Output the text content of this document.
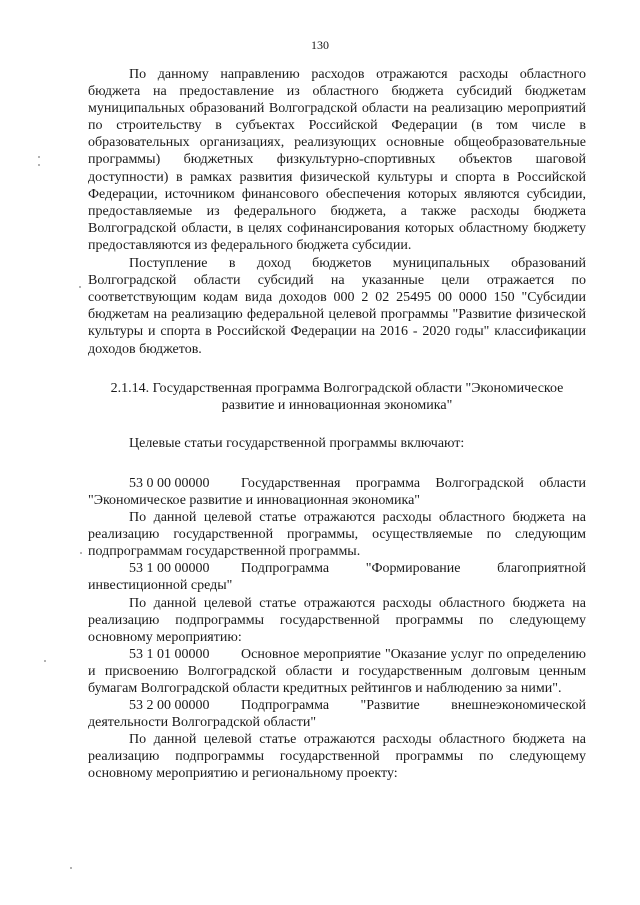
130

По данному направлению расходов отражаются расходы областного бюджета на предоставление из областного бюджета субсидий бюджетам муниципальных образований Волгоградской области на реализацию мероприятий по строительству в субъектах Российской Федерации (в том числе в образовательных организациях, реализующих основные общеобразовательные программы) бюджетных физкультурно-спортивных объектов шаговой доступности) в рамках развития физической культуры и спорта в Российской Федерации, источником финансового обеспечения которых являются субсидии, предоставляемые из федерального бюджета, а также расходы бюджета Волгоградской области, в целях софинансирования которых областному бюджету предоставляются из федерального бюджета субсидии.

Поступление в доход бюджетов муниципальных образований Волгоградской области субсидий на указанные цели отражается по соответствующим кодам вида доходов 000 2 02 25495 00 0000 150 "Субсидии бюджетам на реализацию федеральной целевой программы "Развитие физической культуры и спорта в Российской Федерации на 2016 - 2020 годы" классификации доходов бюджетов.

2.1.14. Государственная программа Волгоградской области "Экономическое
развитие и инновационная экономика"

Целевые статьи государственной программы включают:

53 0 00 00000 Государственная программа Волгоградской области "Экономическое развитие и инновационная экономика"

По данной целевой статье отражаются расходы областного бюджета на реализацию государственной программы, осуществляемые по следующим подпрограммам государственной программы.

53 1 00 00000 Подпрограмма "Формирование благоприятной инвестиционной среды"

По данной целевой статье отражаются расходы областного бюджета на реализацию подпрограммы государственной программы по следующему основному мероприятию:

53 1 01 00000 Основное мероприятие "Оказание услуг по определению и присвоению Волгоградской области и государственным долговым ценным бумагам Волгоградской области кредитных рейтингов и наблюдению за ними".

53 2 00 00000 Подпрограмма "Развитие внешнеэкономической деятельности Волгоградской области"

По данной целевой статье отражаются расходы областного бюджета на реализацию подпрограммы государственной программы по следующему основному мероприятию и региональному проекту:
